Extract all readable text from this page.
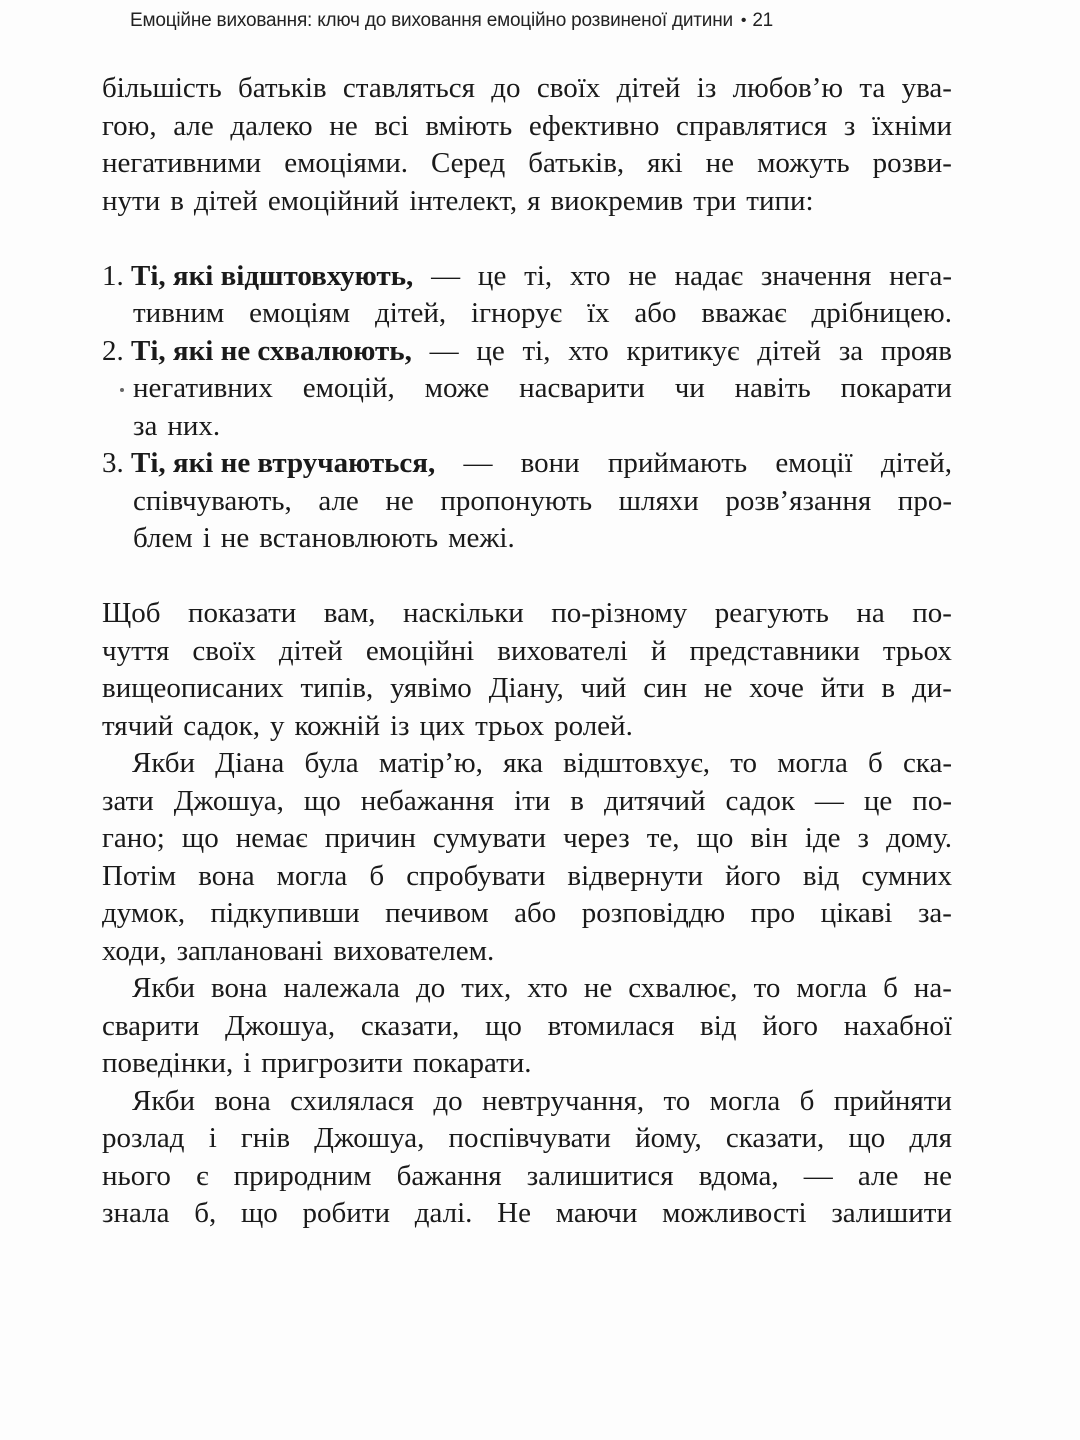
Емоційне виховання: ключ до виховання емоційно розвиненої дитини • 21
більшість батьків ставляться до своїх дітей із любов’ю та ува-
гою, але далеко не всі вміють ефективно справлятися з їхніми
негативними емоціями. Серед батьків, які не можуть розви-
нути в дітей емоційний інтелект, я виокремив три типи:
1. Ті, які відштовхують, — це ті, хто не надає значення нега-
тивним емоціям дітей, ігнорує їх або вважає дрібницею.
2. Ті, які не схвалюють, — це ті, хто критикує дітей за прояв
негативних емоцій, може насварити чи навіть покарати
за них.
3. Ті, які не втручаються, — вони приймають емоції дітей,
співчувають, але не пропонують шляхи розв’язання про-
блем і не встановлюють межі.
Щоб показати вам, наскільки по-різному реагують на по-
чуття своїх дітей емоційні вихователі й представники трьох
вищеописаних типів, уявімо Діану, чий син не хоче йти в ди-
тячий садок, у кожній із цих трьох ролей.
Якби Діана була матір’ю, яка відштовхує, то могла б ска-
зати Джошуа, що небажання іти в дитячий садок — це по-
гано; що немає причин сумувати через те, що він іде з дому.
Потім вона могла б спробувати відвернути його від сумних
думок, підкупивши печивом або розповіддю про цікаві за-
ходи, заплановані вихователем.
Якби вона належала до тих, хто не схвалює, то могла б на-
сварити Джошуа, сказати, що втомилася від його нахабної
поведінки, і пригрозити покарати.
Якби вона схилялася до невтручання, то могла б прийняти
розлад і гнів Джошуа, поспівчувати йому, сказати, що для
нього є природним бажання залишитися вдома, — але не
знала б, що робити далі. Не маючи можливості залишити
